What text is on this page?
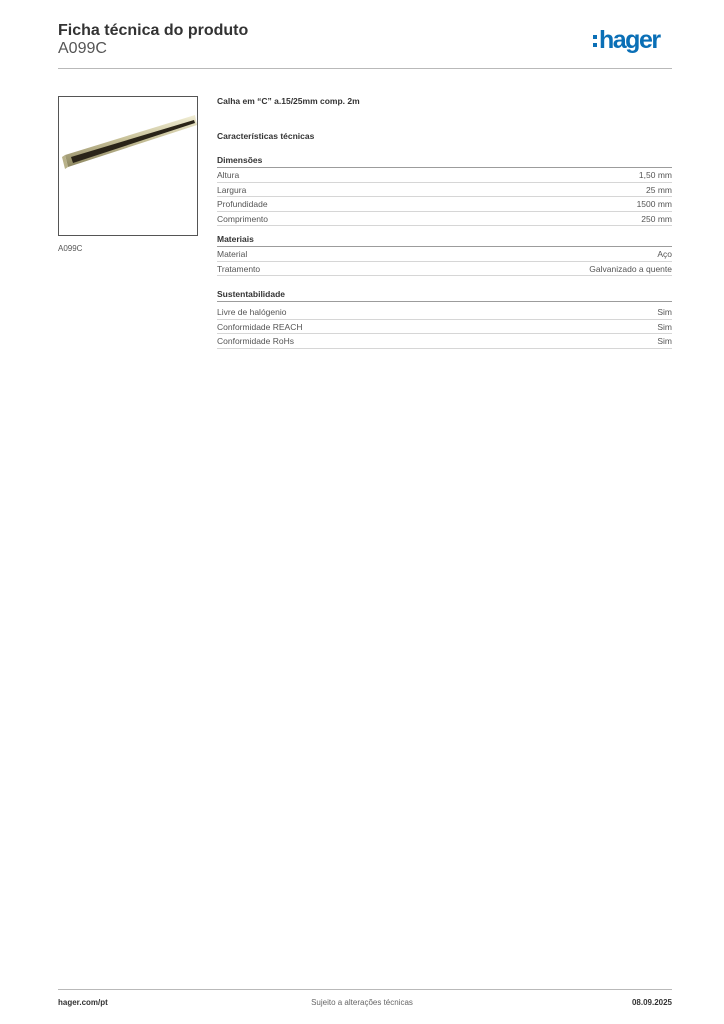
Ficha técnica do produto
A099C	hager
A099C
Calha em “C” a.15/25mm comp. 2m
Características técnicas
Dimensões
Altura	1,50 mm
Largura	25 mm
Profundidade	1500 mm
Comprimento	250 mm
Materiais
Material	Aço
Tratamento	Galvanizado a quente
Sustentabilidade
Livre de halógenio	Sim
Conformidade REACH	Sim
Conformidade RoHs	Sim
hager.com/pt	Sujeito a alterações técnicas	08.09.2025
